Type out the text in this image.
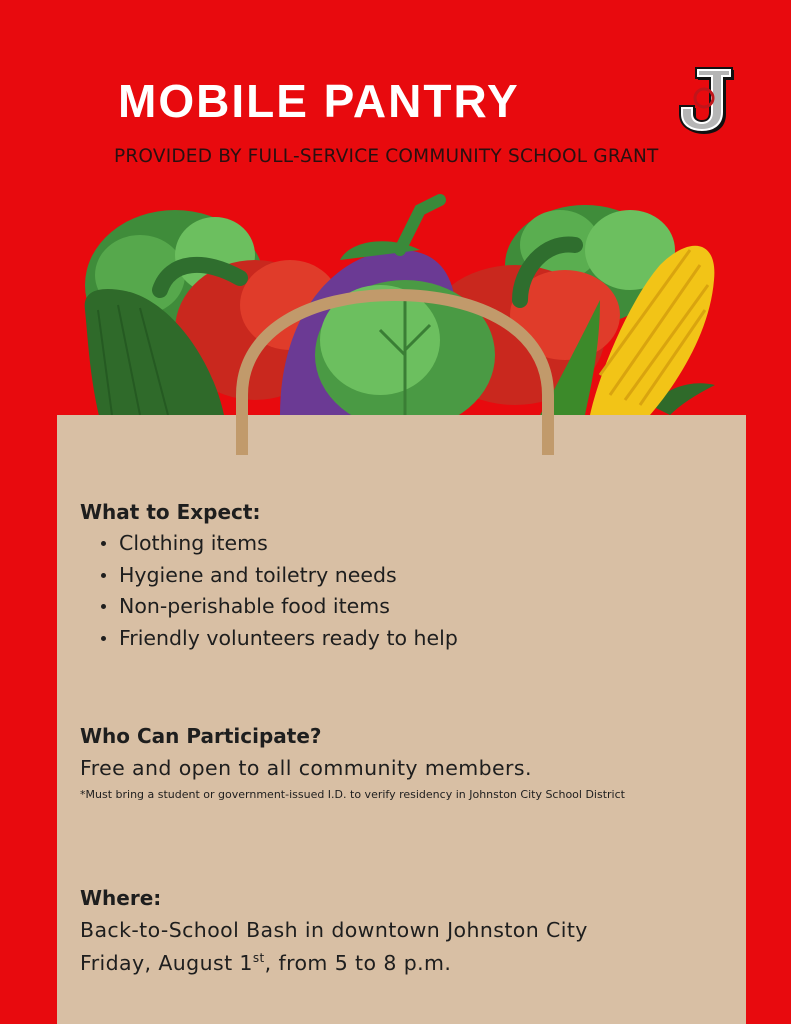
MOBILE PANTRY
PROVIDED BY FULL-SERVICE COMMUNITY SCHOOL GRANT
What to Expect:
Clothing items
Hygiene and toiletry needs
Non-perishable food items
Friendly volunteers ready to help
Who Can Participate?
Free and open to all community members.
*Must bring a student or government-issued I.D. to verify residency in Johnston City School District
Where:
Back-to-School Bash in downtown Johnston City
Friday, August 1st, from 5 to 8 p.m.
